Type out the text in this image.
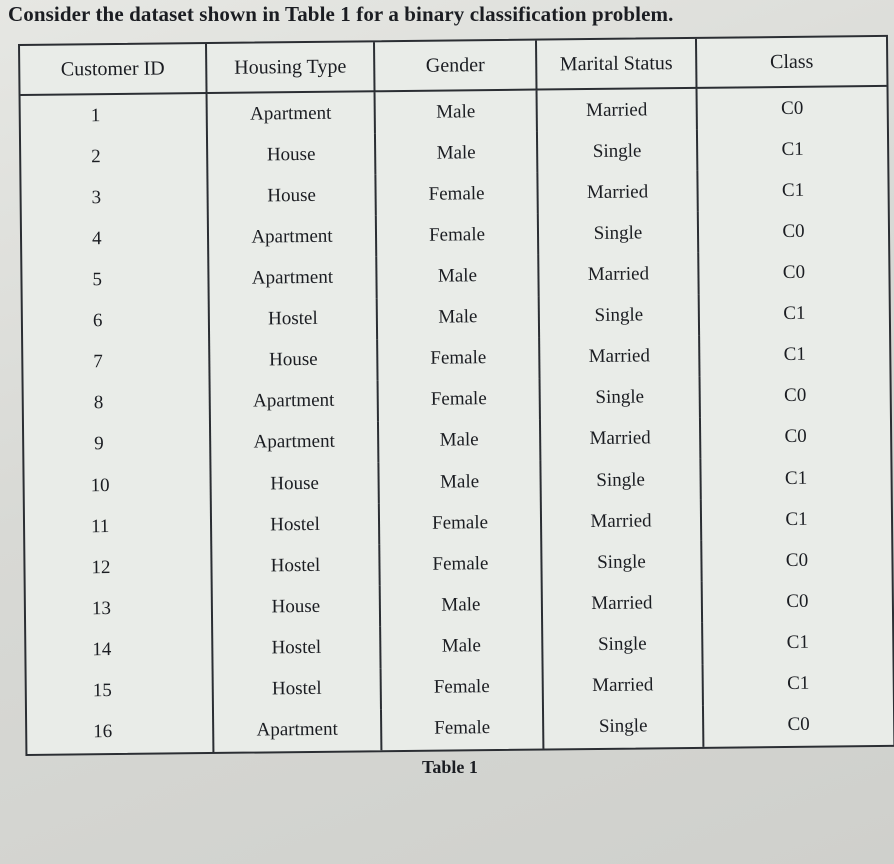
Consider the dataset shown in Table 1 for a binary classification problem.
Customer ID	Housing Type	Gender	Marital Status	Class
1	Apartment	Male	Married	C0
2	House	Male	Single	C1
3	House	Female	Married	C1
4	Apartment	Female	Single	C0
5	Apartment	Male	Married	C0
6	Hostel	Male	Single	C1
7	House	Female	Married	C1
8	Apartment	Female	Single	C0
9	Apartment	Male	Married	C0
10	House	Male	Single	C1
11	Hostel	Female	Married	C1
12	Hostel	Female	Single	C0
13	House	Male	Married	C0
14	Hostel	Male	Single	C1
15	Hostel	Female	Married	C1
16	Apartment	Female	Single	C0
Table 1
